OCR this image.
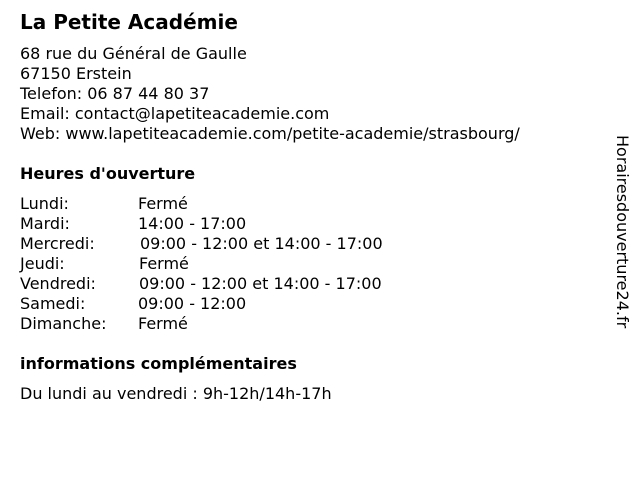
La Petite Académie
68 rue du Général de Gaulle
67150 Erstein
Telefon: 06 87 44 80 37
Email: contact@lapetiteacademie.com
Web: www.lapetiteacademie.com/petite-academie/strasbourg/
Heures d'ouverture
Lundi:	Fermé
Mardi:	14:00 - 17:00
Mercredi:	09:00 - 12:00 et 14:00 - 17:00
Jeudi:	Fermé
Vendredi:	09:00 - 12:00 et 14:00 - 17:00
Samedi:	09:00 - 12:00
Dimanche: Fermé
informations complémentaires
Du lundi au vendredi : 9h-12h/14h-17h
Horairesdouverture24.fr
